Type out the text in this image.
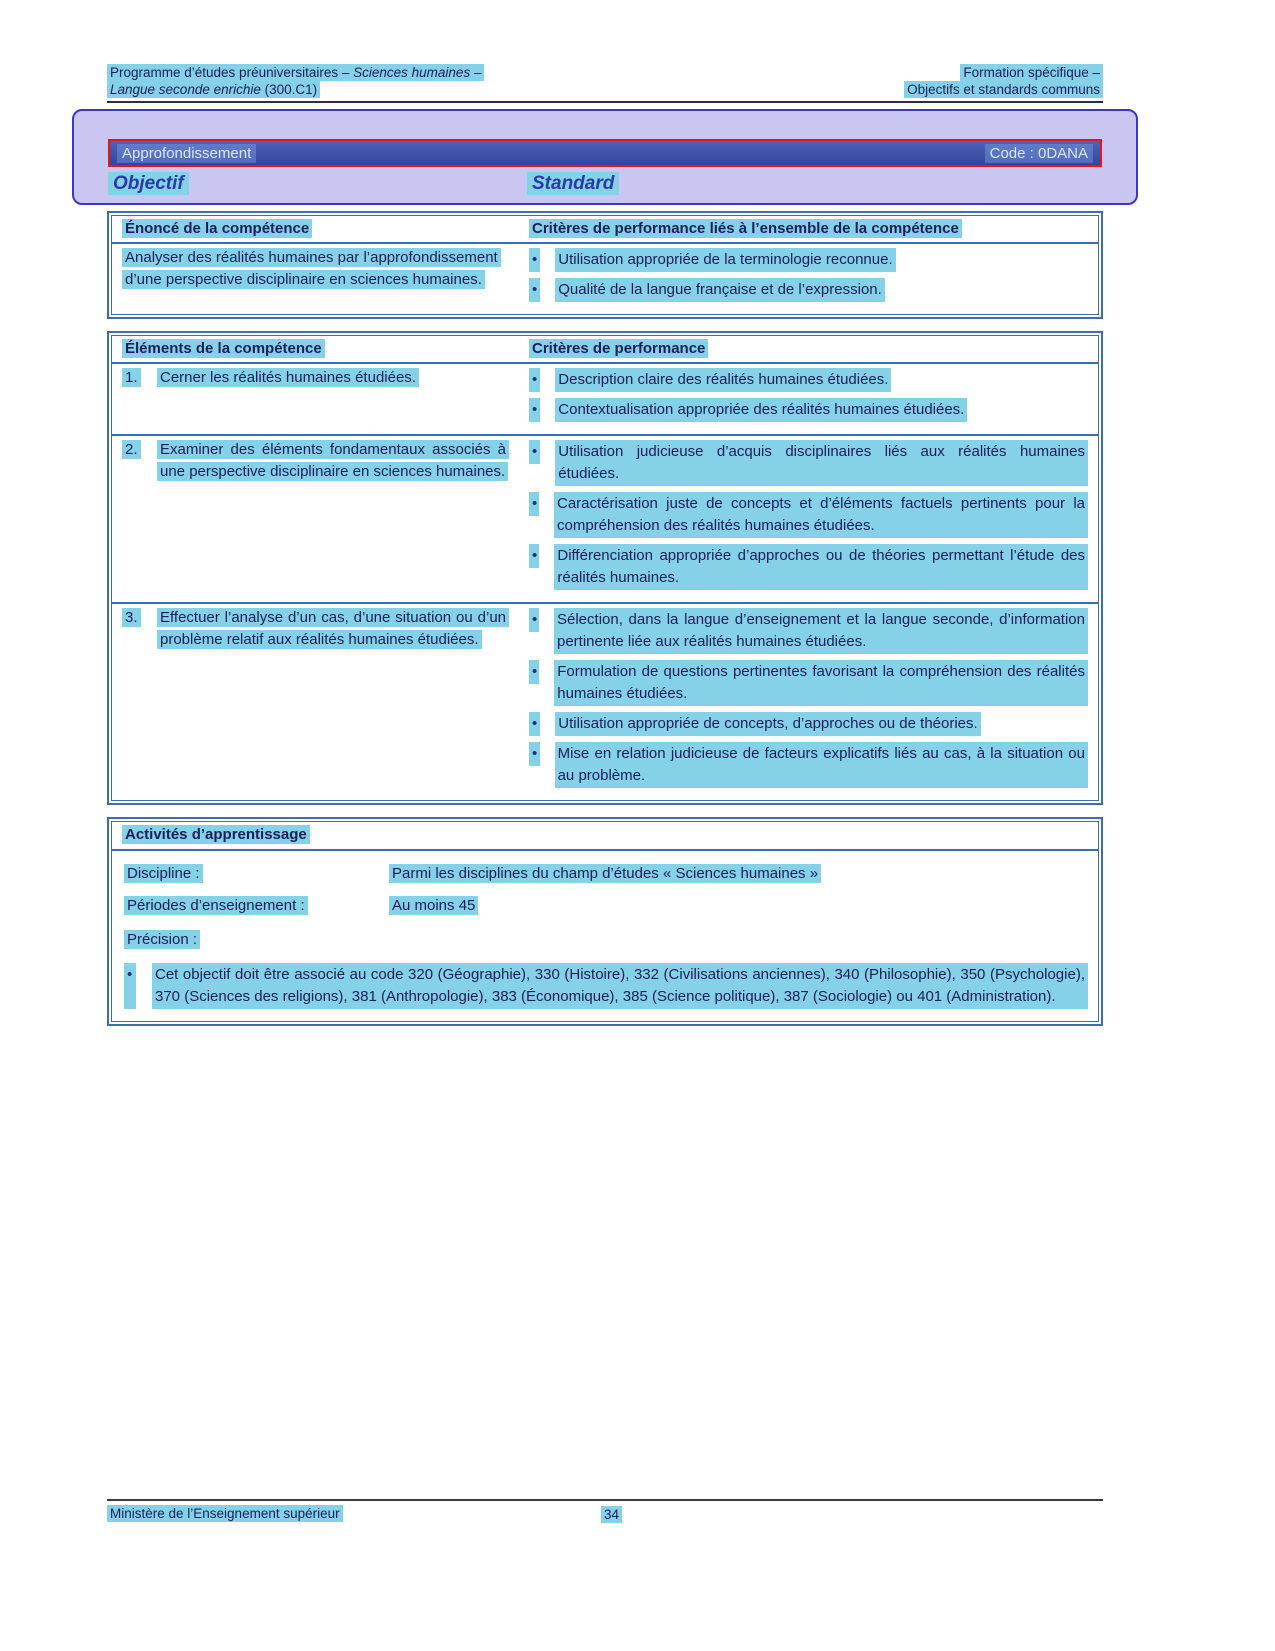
Programme d’études préuniversitaires – Sciences humaines –
Langue seconde enrichie (300.C1)
Formation spécifique –
Objectifs et standards communs
Approfondissement	Code : 0DANA
Objectif	Standard
Énoncé de la compétence	Critères de performance liés à l’ensemble de la compétence
Analyser des réalités humaines par l’approfondissement d’une perspective disciplinaire en sciences humaines.
• Utilisation appropriée de la terminologie reconnue.
• Qualité de la langue française et de l’expression.
Éléments de la compétence	Critères de performance
1.	Cerner les réalités humaines étudiées.	• Description claire des réalités humaines étudiées.
• Contextualisation appropriée des réalités humaines étudiées.
2.	Examiner des éléments fondamentaux associés à une perspective disciplinaire en sciences humaines.
• Utilisation judicieuse d’acquis disciplinaires liés aux réalités humaines étudiées.
• Caractérisation juste de concepts et d’éléments factuels pertinents pour la compréhension des réalités humaines étudiées.
• Différenciation appropriée d’approches ou de théories permettant l’étude des réalités humaines.
3.	Effectuer l’analyse d’un cas, d’une situation ou d’un problème relatif aux réalités humaines étudiées.
• Sélection, dans la langue d’enseignement et la langue seconde, d’information pertinente liée aux réalités humaines étudiées.
• Formulation de questions pertinentes favorisant la compréhension des réalités humaines étudiées.
• Utilisation appropriée de concepts, d’approches ou de théories.
• Mise en relation judicieuse de facteurs explicatifs liés au cas, à la situation ou au problème.
Activités d’apprentissage
Discipline :	Parmi les disciplines du champ d’études « Sciences humaines »
Périodes d’enseignement :	Au moins 45
Précision :
• Cet objectif doit être associé au code 320 (Géographie), 330 (Histoire), 332 (Civilisations anciennes), 340 (Philosophie), 350 (Psychologie), 370 (Sciences des religions), 381 (Anthropologie), 383 (Économique), 385 (Science politique), 387 (Sociologie) ou 401 (Administration).
Ministère de l’Enseignement supérieur	34
